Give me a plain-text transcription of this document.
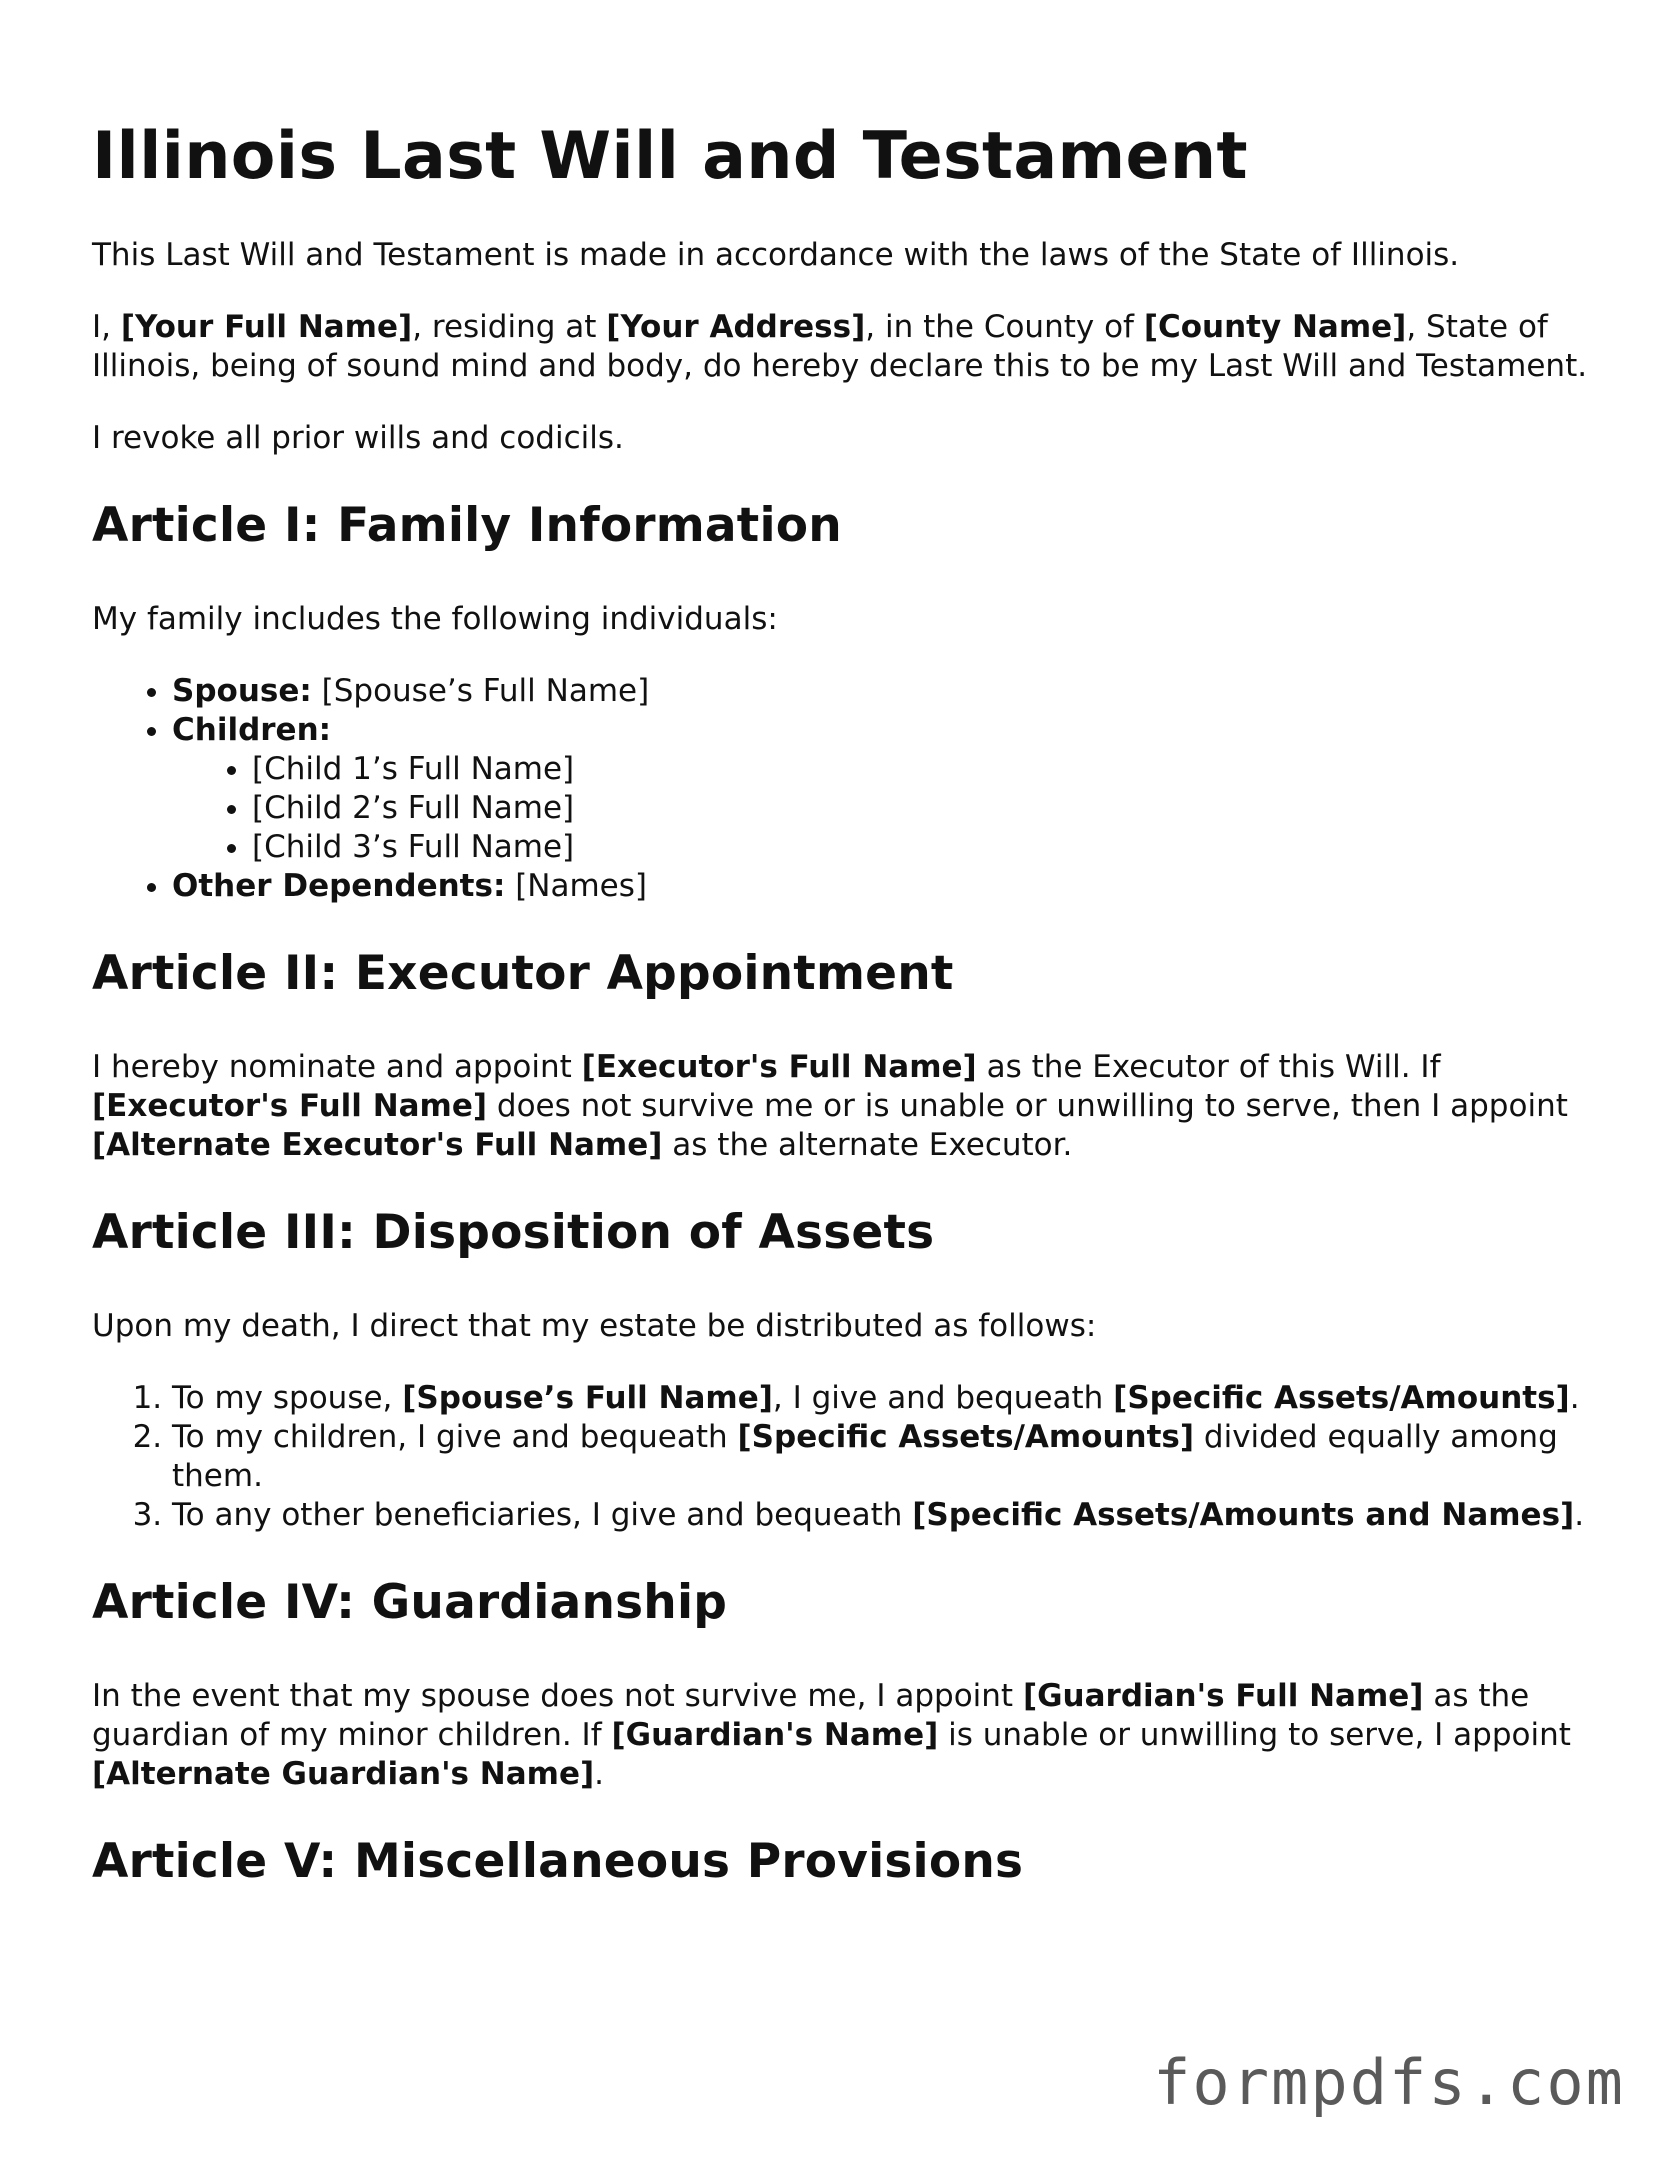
Illinois Last Will and Testament

This Last Will and Testament is made in accordance with the laws of the State of Illinois.

I, [Your Full Name], residing at [Your Address], in the County of [County Name], State of Illinois, being of sound mind and body, do hereby declare this to be my Last Will and Testament.

I revoke all prior wills and codicils.

Article I: Family Information

My family includes the following individuals:

• Spouse: [Spouse’s Full Name]
• Children:
• [Child 1’s Full Name]
• [Child 2’s Full Name]
• [Child 3’s Full Name]
• Other Dependents: [Names]
Article II: Executor Appointment

I hereby nominate and appoint [Executor's Full Name] as the Executor of this Will. If [Executor's Full Name] does not survive me or is unable or unwilling to serve, then I appoint [Alternate Executor's Full Name] as the alternate Executor.

Article III: Disposition of Assets

Upon my death, I direct that my estate be distributed as follows:

1. To my spouse, [Spouse’s Full Name], I give and bequeath [Specific Assets/Amounts].
2. To my children, I give and bequeath [Specific Assets/Amounts] divided equally among them.
3. To any other beneficiaries, I give and bequeath [Specific Assets/Amounts and Names].
Article IV: Guardianship

In the event that my spouse does not survive me, I appoint [Guardian's Full Name] as the guardian of my minor children. If [Guardian's Name] is unable or unwilling to serve, I appoint [Alternate Guardian's Name].

Article V: Miscellaneous Provisions
formpdfs.com
